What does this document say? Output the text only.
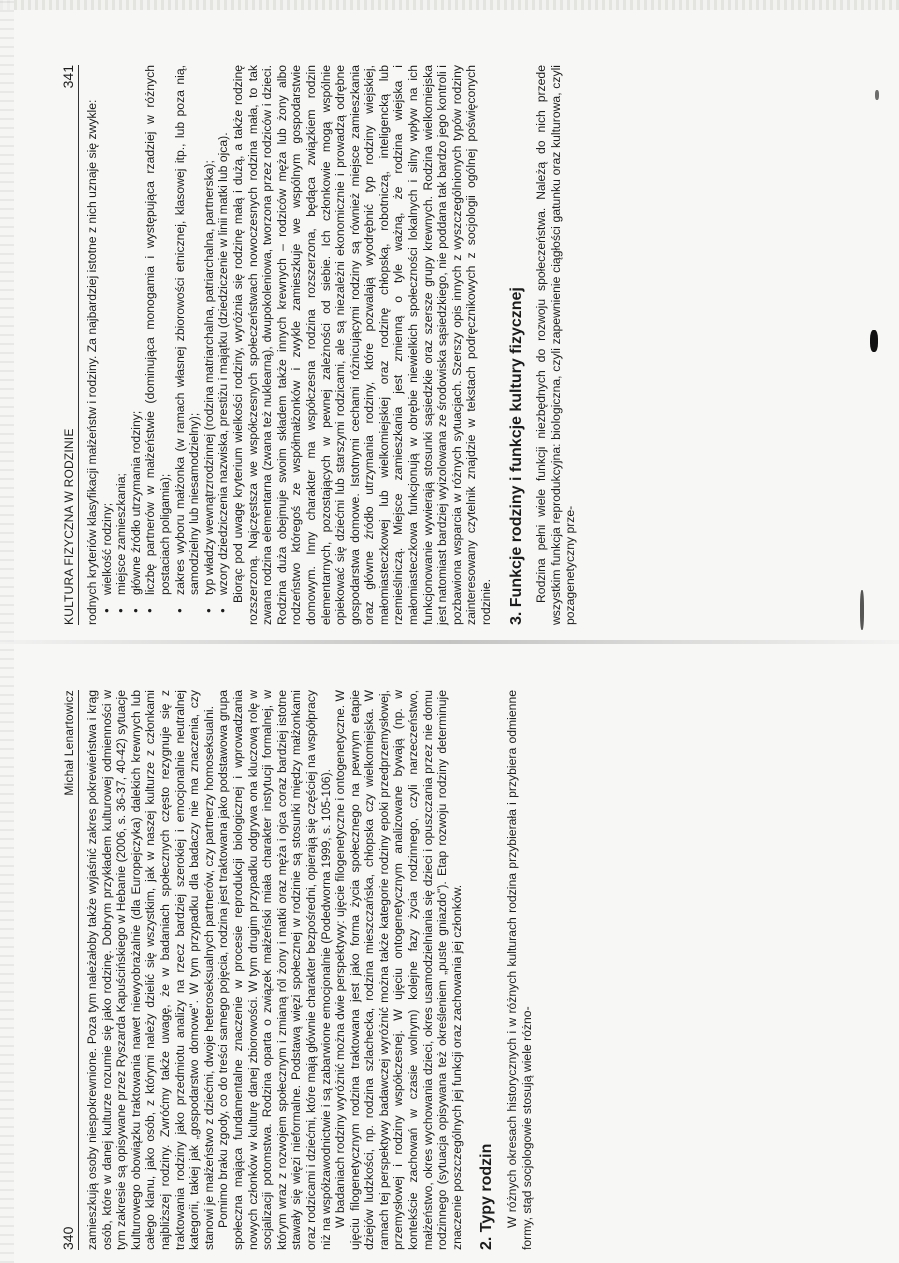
KULTURA FIZYCZNA W RODZINIE
341

rodnych kryteriów klasyfikacji małżeństw i rodziny. Za najbardziej istotne z nich uznaje się zwykle: ● wielkość rodziny; ● miejsce zamieszkania; ● główne źródło utrzymania rodziny; ● liczbę partnerów w małżeństwie (dominująca monogamia i występująca rzadziej w różnych postaciach poligamia); ● zakres wyboru małżonka (w ramach własnej zbiorowości etnicznej, klasowej itp., lub poza nią, samodzielny lub niesamodzielny); ● typ władzy wewnątrzrodzinnej (rodzina matriarchalna, patriarchalna, partnerska); ● wzory dziedziczenia nazwiska, prestiżu i majątku (dziedziczenie w linii matki lub ojca). Biorąc pod uwagę kryterium wielkości rodziny, wyróżnia się rodzinę małą i dużą, a także rodzinę rozszerzoną. Najczęstsza we współczesnych społeczeństwach nowoczesnych rodzina mała, to tak zwana rodzina elementarna (zwana też nuklearną), dwupokoleniowa, tworzona przez rodziców i dzieci. Rodzina duża obejmuje swoim składem także innych krewnych – rodziców męża lub żony albo rodzeństwo któregoś ze współmałżonków i zwykle zamieszkuje we wspólnym gospodarstwie domowym. Inny charakter ma współczesna rodzina rozszerzona, będąca związkiem rodzin elementarnych, pozostających w pewnej zależności od siebie. Ich członkowie mogą wspólnie opiekować się dziećmi lub starszymi rodzicami, ale są niezależni ekonomicznie i prowadzą odrębne gospodarstwa domowe. Istotnymi cechami różnicującymi rodziny są również miejsce zamieszkania oraz główne źródło utrzymania rodziny, które pozwalają wyodrębnić typ rodziny wiejskiej, małomiasteczkowej lub wielkomiejskiej oraz rodzinę chłopską, robotniczą, inteligencką lub rzemieślniczą. Miejsce zamieszkania jest zmienną o tyle ważną, że rodzina wiejska i małomiasteczkowa funkcjonują w obrębie niewielkich społeczności lokalnych i silny wpływ na ich funkcjonowanie wywierają stosunki sąsiedzkie oraz szersze grupy krewnych. Rodzina wielkomiejska jest natomiast bardziej wyizolowana ze środowiska sąsiedzkiego, nie poddana tak bardzo jego kontroli i pozbawiona wsparcia w różnych sytuacjach. Szerszy opis innych z wyszczególnionych typów rodziny zainteresowany czytelnik znajdzie w tekstach podręcznikowych z socjologii ogólnej poświęconych rodzinie. 3. Funkcje rodziny i funkcje kultury fizycznej Rodzina pełni wiele funkcji niezbędnych do rozwoju społeczeństwa. Należą do nich przede wszystkim funkcja reprodukcyjna: biologiczna, czyli zapewnienie ciągłości gatunku oraz kulturowa, czyli pozagenetyczny prze-

340
Michał Lenartowicz zamieszkują osoby niespokrewnione. Poza tym należałoby także wyjaśnić zakres pokrewieństwa i krąg osób, które w danej kulturze rozumie się jako rodzinę. Dobrym przykładem kulturowej odmienności w tym zakresie są opisywane przez Ryszarda Kapuścińskiego w Hebanie (2006, s. 36-37, 40-42) sytuacje kulturowego obowiązku traktowania nawet niewyobrażalnie (dla Europejczyka) dalekich krewnych lub całego klanu, jako osób, z którymi należy dzielić się wszystkim, jak w naszej kulturze z członkami najbliższej rodziny. Zwróćmy także uwagę, że w badaniach społecznych często rezygnuje się z traktowania rodziny jako przedmiotu analizy na rzecz bardziej szerokiej i emocjonalnie neutralnej kategorii, takiej jak „gospodarstwo domowe". W tym przypadku dla badaczy nie ma znaczenia, czy stanowi je małżeństwo z dziećmi, dwoje heteroseksualnych partnerów, czy partnerzy homoseksualni. Pomimo braku zgody, co do treści samego pojęcia, rodzina jest traktowana jako podstawowa grupa społeczna mająca fundamentalne znaczenie w procesie reprodukcji biologicznej i wprowadzania nowych członków w kulturę danej zbiorowości. W tym drugim przypadku odgrywa ona kluczową rolę w socjalizacji potomstwa. Rodzina oparta o związek małżeński miała charakter instytucji formalnej, w którym wraz z rozwojem społecznym i zmianą ról żony i matki oraz męża i ojca coraz bardziej istotne stawały się więzi nieformalne. Podstawą więzi społecznej w rodzinie są stosunki między małżonkami oraz rodzicami i dziećmi, które mają głównie charakter bezpośredni, opierają się częściej na współpracy niż na współzawodnictwie i są zabarwione emocjonalnie (Podedworna 1999, s. 105-106). W badaniach rodziny wyróżnić można dwie perspektywy: ujęcie filogenetyczne i ontogenetyczne. W ujęciu filogenetycznym rodzina traktowana jest jako forma życia społecznego na pewnym etapie dziejów ludzkości, np. rodzina szlachecka, rodzina mieszczańska, chłopska czy wielkomiejska. W ramach tej perspektywy badawczej wyróżnić można także kategorie rodziny epoki przedprzemysłowej, przemysłowej i rodziny współczesnej. W ujęciu ontogenetycznym analizowane bywają (np. w kontekście zachowań w czasie wolnym) kolejne fazy życia rodzinnego, czyli narzeczeństwo, małżeństwo, okres wychowania dzieci, okres usamodzielniania się dzieci i opuszczania przez nie domu rodzinnego (sytuacja opisywana też określeniem „puste gniazdo"). Etap rozwoju rodziny determinuje znaczenie poszczególnych jej funkcji oraz zachowania jej członków. 2. Typy rodzin W różnych okresach historycznych i w różnych kulturach rodzina przybierała i przybiera odmienne formy, stąd socjologowie stosują wiele różno-
